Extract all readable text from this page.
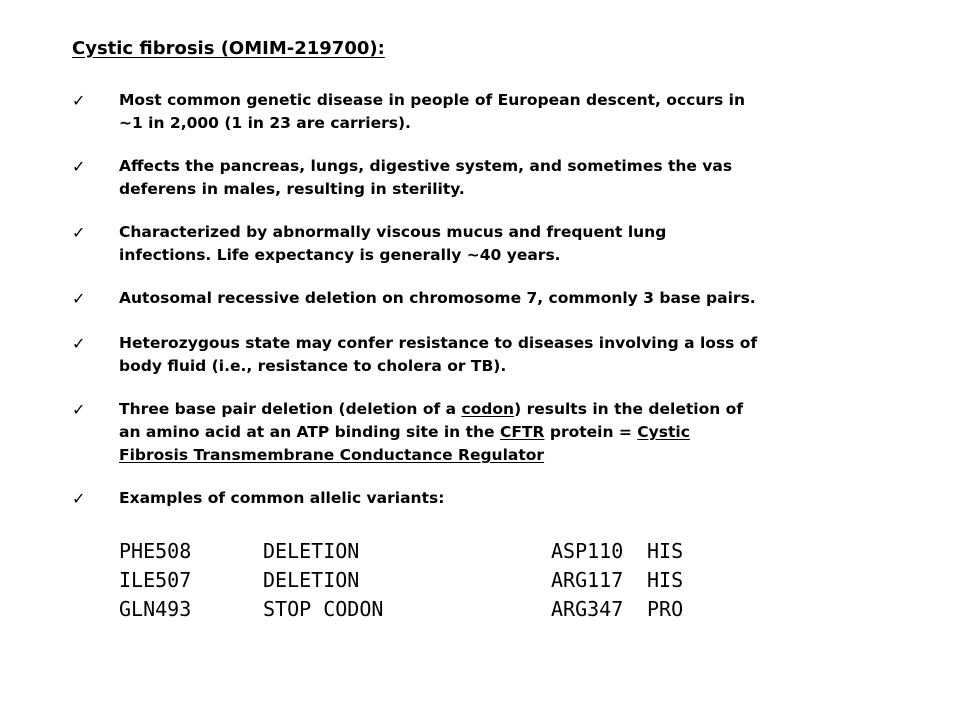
Cystic fibrosis (OMIM-219700):
✓ Most common genetic disease in people of European descent, occurs in
~1 in 2,000 (1 in 23 are carriers).
✓ Affects the pancreas, lungs, digestive system, and sometimes the vas
deferens in males, resulting in sterility.
✓ Characterized by abnormally viscous mucus and frequent lung
infections. Life expectancy is generally ~40 years.
✓ Autosomal recessive deletion on chromosome 7, commonly 3 base pairs.
✓ Heterozygous state may confer resistance to diseases involving a loss of
body fluid (i.e., resistance to cholera or TB).
✓ Three base pair deletion (deletion of a codon) results in the deletion of
an amino acid at an ATP binding site in the CFTR protein = Cystic
Fibrosis Transmembrane Conductance Regulator
✓ Examples of common allelic variants:
PHE508	DELETION	ASP110 HIS
ILE507	DELETION	ARG117 HIS
GLN493	STOP CODON	ARG347 PRO
